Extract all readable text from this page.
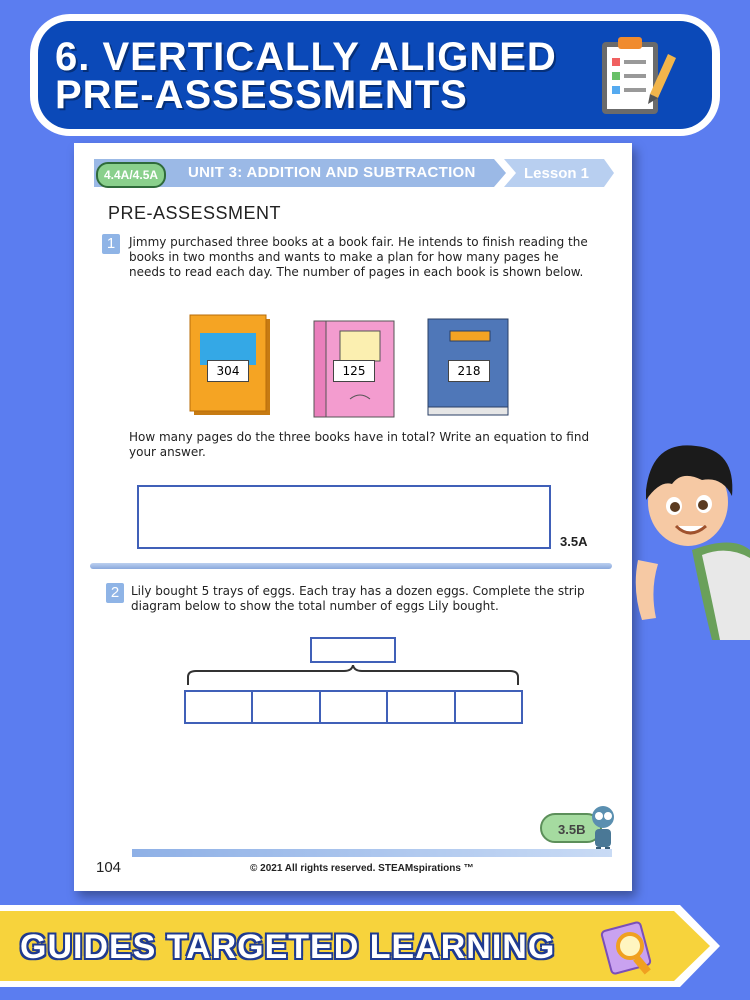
6. VERTICALLY ALIGNED
PRE-ASSESSMENTS
4.4A/4.5A	UNIT 3: ADDITION AND SUBTRACTION	Lesson 1
PRE-ASSESSMENT
1	Jimmy purchased three books at a book fair. He intends to finish reading the books in two months and wants to make a plan for how many pages he needs to read each day. The number of pages in each book is shown below.
304	125	218
How many pages do the three books have in total? Write an equation to find your answer.
3.5A
2 Lily bought 5 trays of eggs. Each tray has a dozen eggs. Complete the strip diagram below to show the total number of eggs Lily bought.
3.5B
104	© 2021 All rights reserved. STEAMspirations ™
GUIDES TARGETED LEARNING
